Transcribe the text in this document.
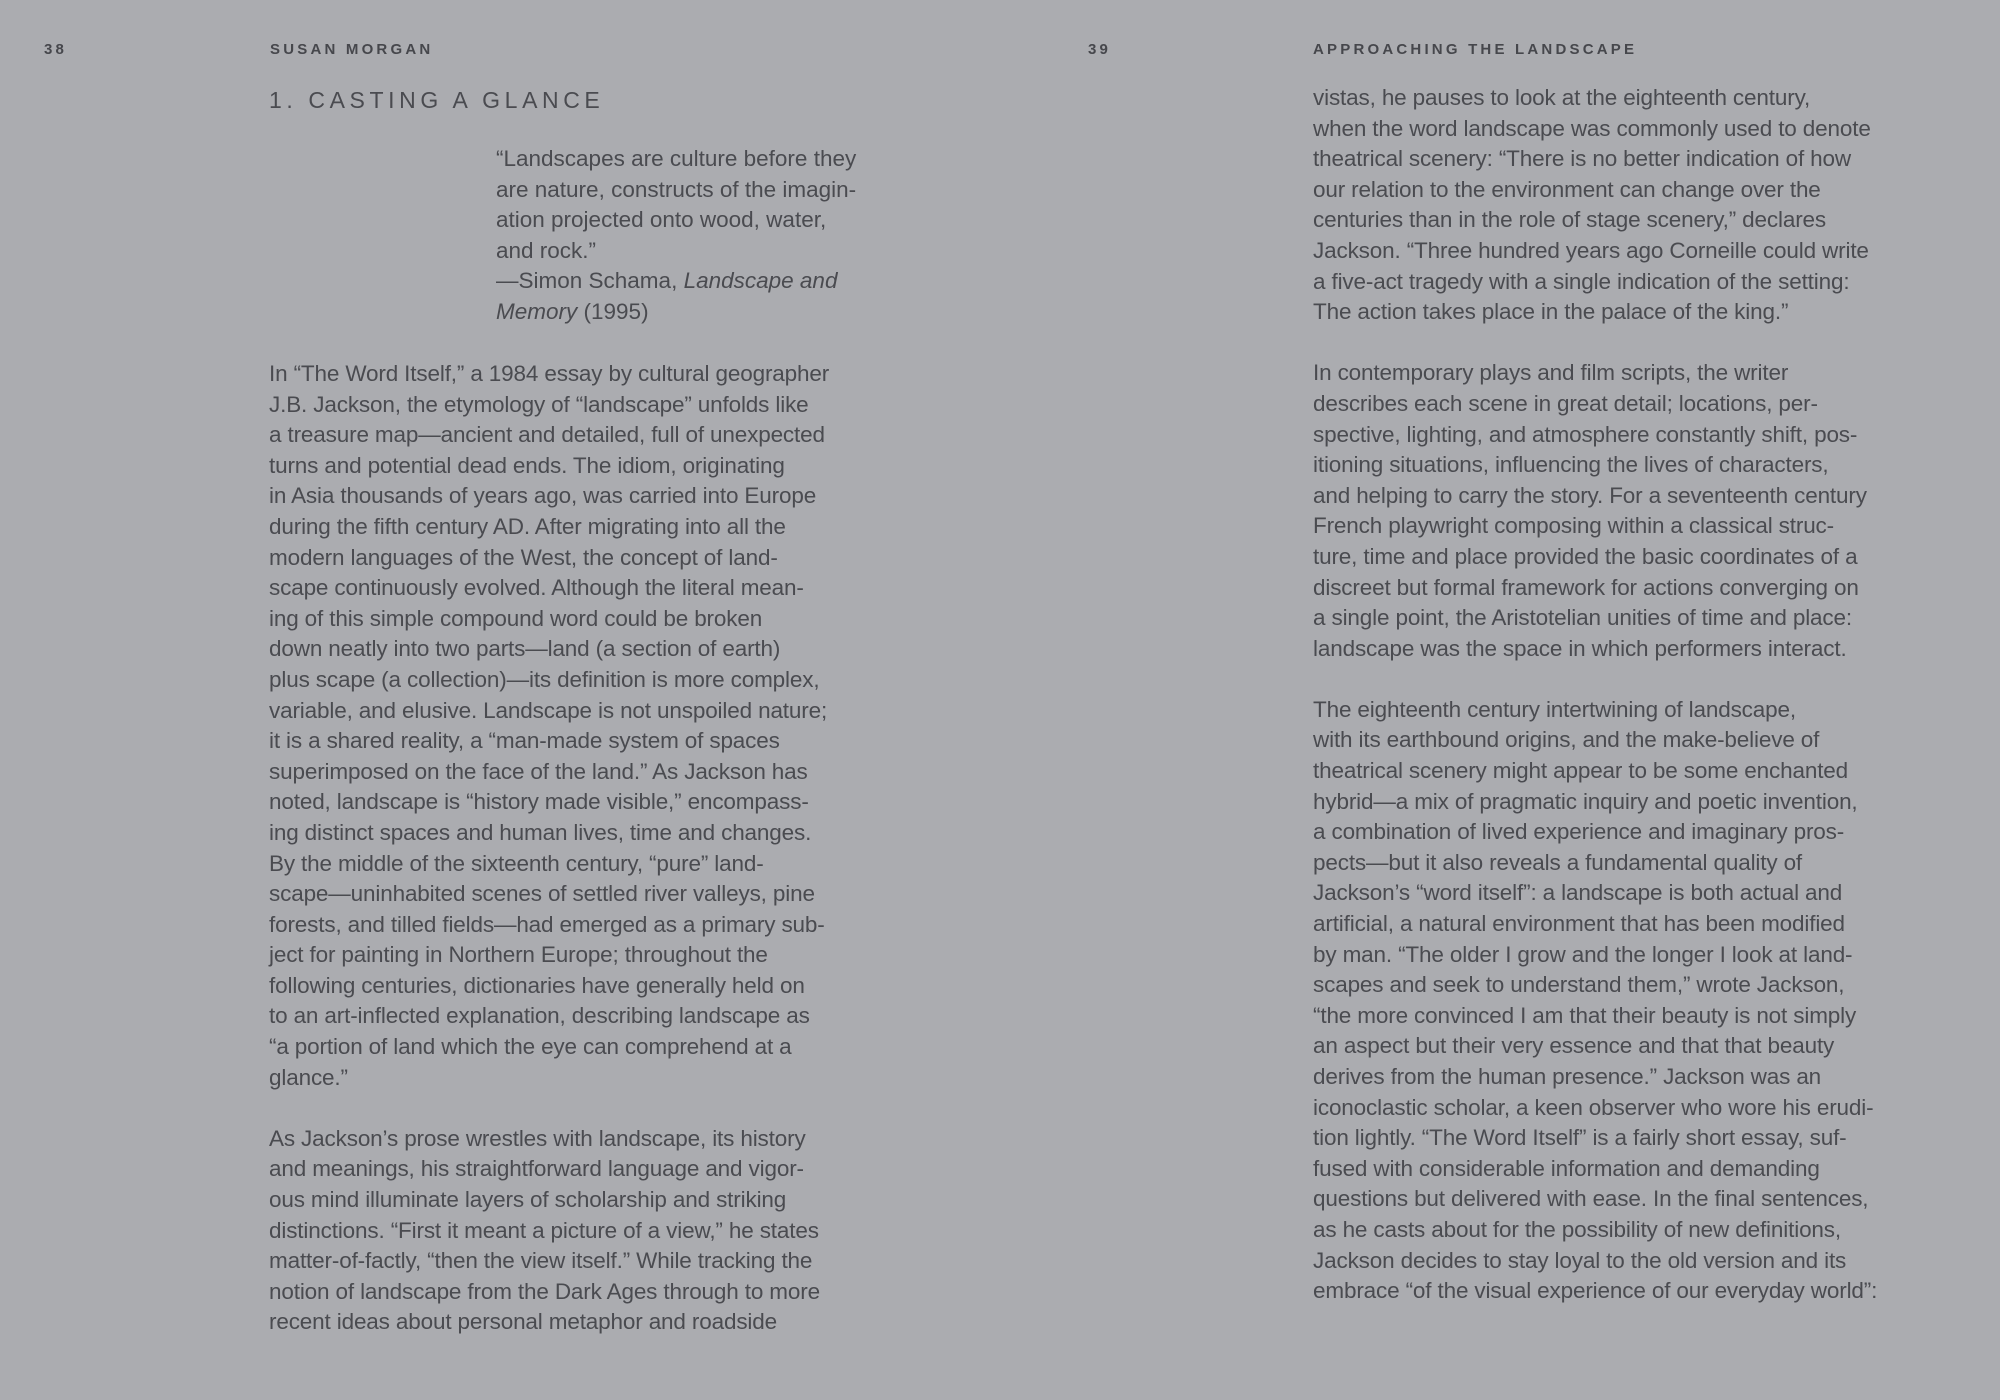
38	SUSAN MORGAN
1. CASTING A GLANCE
“Landscapes are culture before they
are nature, constructs of the imagin-
ation projected onto wood, water,
and rock.”
—Simon Schama, Landscape and
Memory (1995)
In “The Word Itself,” a 1984 essay by cultural geographer
J.B. Jackson, the etymology of “landscape” unfolds like
a treasure map—ancient and detailed, full of unexpected
turns and potential dead ends. The idiom, originating
in Asia thousands of years ago, was carried into Europe
during the fifth century AD. After migrating into all the
modern languages of the West, the concept of land-
scape continuously evolved. Although the literal mean-
ing of this simple compound word could be broken
down neatly into two parts—land (a section of earth)
plus scape (a collection)—its definition is more complex,
variable, and elusive. Landscape is not unspoiled nature;
it is a shared reality, a “man-made system of spaces
superimposed on the face of the land.” As Jackson has
noted, landscape is “history made visible,” encompass-
ing distinct spaces and human lives, time and changes.
By the middle of the sixteenth century, “pure” land-
scape—uninhabited scenes of settled river valleys, pine
forests, and tilled fields—had emerged as a primary sub-
ject for painting in Northern Europe; throughout the
following centuries, dictionaries have generally held on
to an art-inflected explanation, describing landscape as
“a portion of land which the eye can comprehend at a
glance.”
As Jackson’s prose wrestles with landscape, its history
and meanings, his straightforward language and vigor-
ous mind illuminate layers of scholarship and striking
distinctions. “First it meant a picture of a view,” he states
matter-of-factly, “then the view itself.” While tracking the
notion of landscape from the Dark Ages through to more
recent ideas about personal metaphor and roadside
39	APPROACHING THE LANDSCAPE
vistas, he pauses to look at the eighteenth century,
when the word landscape was commonly used to denote
theatrical scenery: “There is no better indication of how
our relation to the environment can change over the
centuries than in the role of stage scenery,” declares
Jackson. “Three hundred years ago Corneille could write
a five-act tragedy with a single indication of the setting:
The action takes place in the palace of the king.”
In contemporary plays and film scripts, the writer
describes each scene in great detail; locations, per-
spective, lighting, and atmosphere constantly shift, pos-
itioning situations, influencing the lives of characters,
and helping to carry the story. For a seventeenth century
French playwright composing within a classical struc-
ture, time and place provided the basic coordinates of a
discreet but formal framework for actions converging on
a single point, the Aristotelian unities of time and place:
landscape was the space in which performers interact.
The eighteenth century intertwining of landscape,
with its earthbound origins, and the make-believe of
theatrical scenery might appear to be some enchanted
hybrid—a mix of pragmatic inquiry and poetic invention,
a combination of lived experience and imaginary pros-
pects—but it also reveals a fundamental quality of
Jackson’s “word itself”: a landscape is both actual and
artificial, a natural environment that has been modified
by man. “The older I grow and the longer I look at land-
scapes and seek to understand them,” wrote Jackson,
“the more convinced I am that their beauty is not simply
an aspect but their very essence and that that beauty
derives from the human presence.” Jackson was an
iconoclastic scholar, a keen observer who wore his erudi-
tion lightly. “The Word Itself” is a fairly short essay, suf-
fused with considerable information and demanding
questions but delivered with ease. In the final sentences,
as he casts about for the possibility of new definitions,
Jackson decides to stay loyal to the old version and its
embrace “of the visual experience of our everyday world”:
